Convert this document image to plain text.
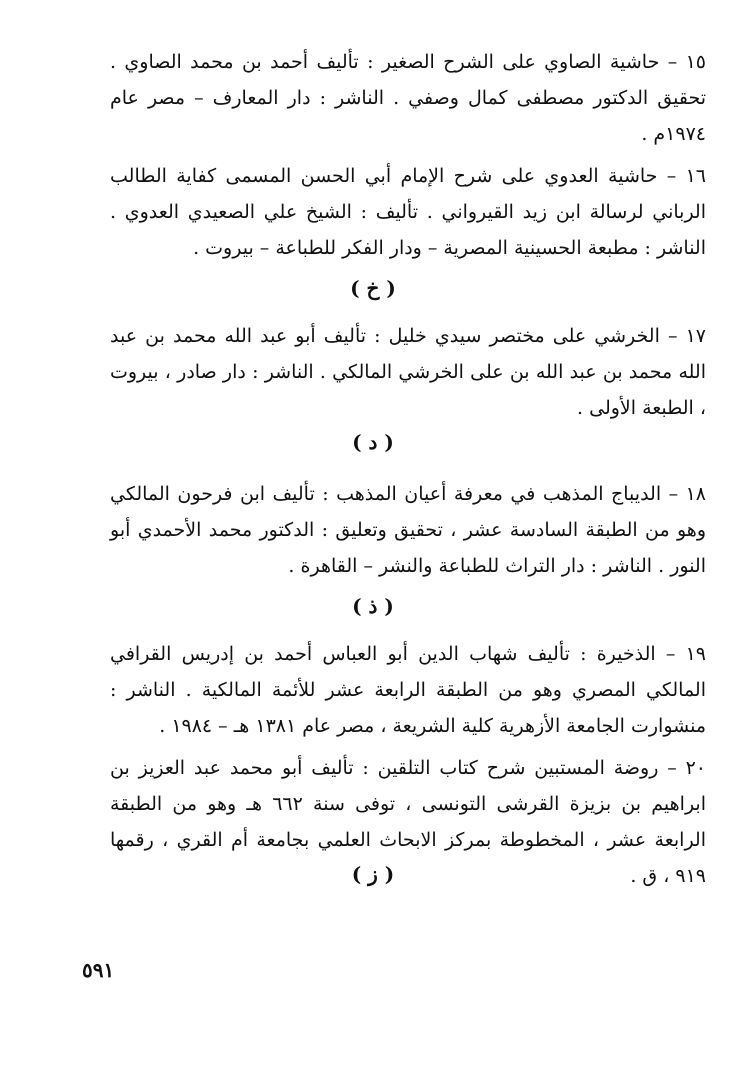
١٥ – حاشية الصاوي على الشرح الصغير : تأليف أحمد بن محمد الصاوي . تحقيق الدكتور مصطفى كمال وصفي . الناشر : دار المعارف – مصر عام ١٩٧٤م .

١٦ – حاشية العدوي على شرح الإمام أبي الحسن المسمى كفاية الطالب الرباني لرسالة ابن زيد القيرواني . تأليف : الشيخ علي الصعيدي العدوي . الناشر : مطبعة الحسينية المصرية – ودار الفكر للطباعة – بيروت .

( خ )

١٧ – الخرشي على مختصر سيدي خليل : تأليف أبو عبد الله محمد بن عبد الله محمد بن عبد الله بن على الخرشي المالكي . الناشر : دار صادر ، بيروت ، الطبعة الأولى .

( د )

١٨ – الديباج المذهب في معرفة أعيان المذهب : تأليف ابن فرحون المالكي وهو من الطبقة السادسة عشر ، تحقيق وتعليق : الدكتور محمد الأحمدي أبو النور . الناشر : دار التراث للطباعة والنشر – القاهرة .

( ذ )

١٩ – الذخيرة : تأليف شهاب الدين أبو العباس أحمد بن إدريس القرافي المالكي المصري وهو من الطبقة الرابعة عشر للأئمة المالكية . الناشر : منشوارت الجامعة الأزهرية كلية الشريعة ، مصر عام ١٣٨١ هـ – ١٩٨٤ .

٢٠ – روضة المستبين شرح كتاب التلقين : تأليف أبو محمد عبد العزيز بن ابراهيم بن بزيزة القرشى التونسى ، توفى سنة ٦٦٢ هـ وهو من الطبقة الرابعة عشر ، المخطوطة بمركز الابحاث العلمي بجامعة أم القري ، رقمها ٩١٩ ، ق .

( ز )
٥٩١
